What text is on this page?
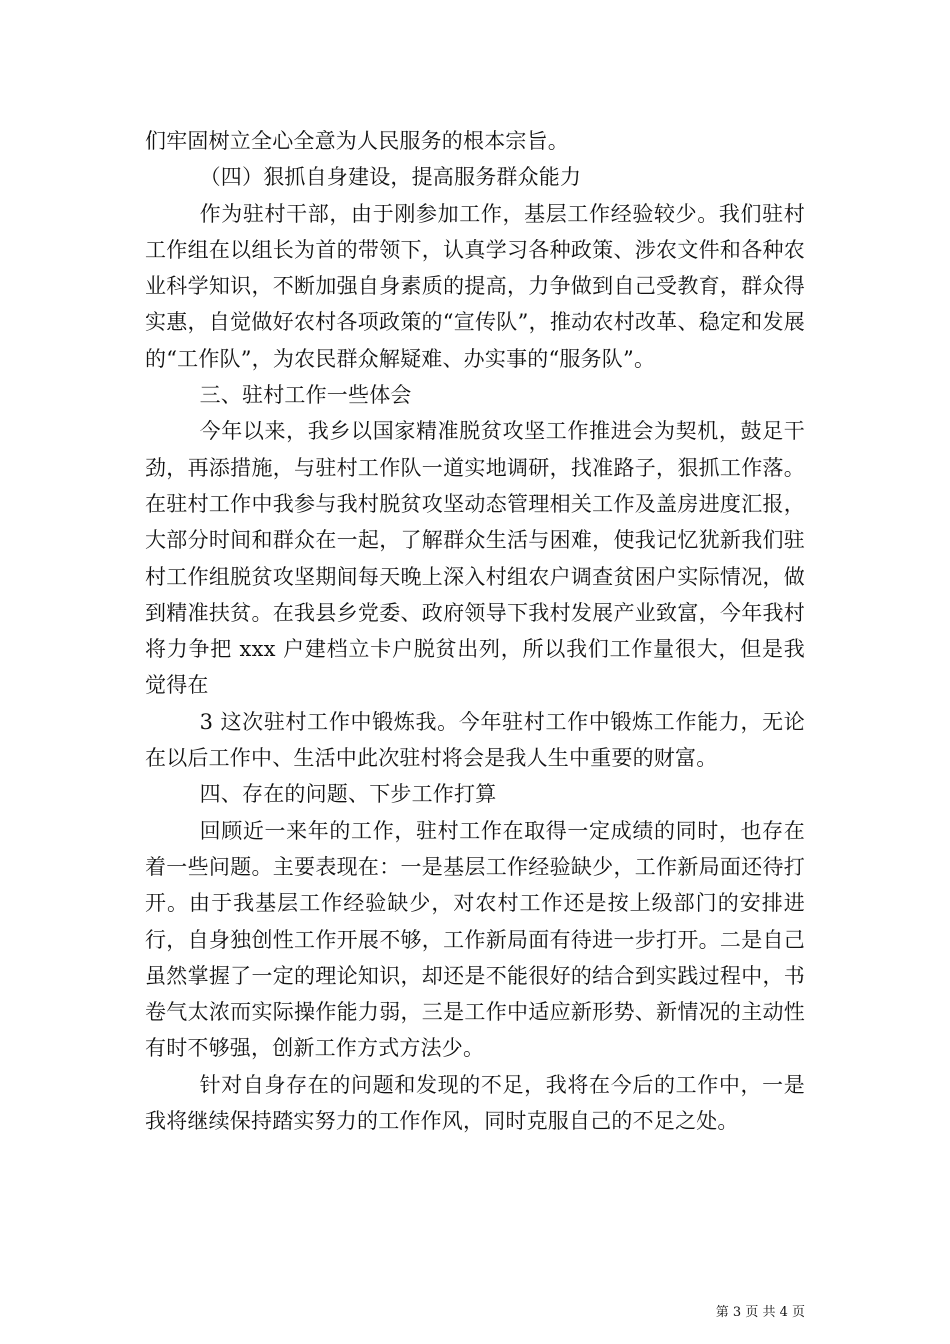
们牢固树立全心全意为人民服务的根本宗旨。

（四）狠抓自身建设，提高服务群众能力

作为驻村干部，由于刚参加工作，基层工作经验较少。我们驻村工作组在以组长为首的带领下，认真学习各种政策、涉农文件和各种农业科学知识，不断加强自身素质的提高，力争做到自己受教育，群众得实惠，自觉做好农村各项政策的“宣传队”，推动农村改革、稳定和发展的“工作队”，为农民群众解疑难、办实事的“服务队”。

三、驻村工作一些体会

今年以来，我乡以国家精准脱贫攻坚工作推进会为契机，鼓足干劲，再添措施，与驻村工作队一道实地调研，找准路子，狠抓工作落。在驻村工作中我参与我村脱贫攻坚动态管理相关工作及盖房进度汇报，大部分时间和群众在一起，了解群众生活与困难，使我记忆犹新我们驻村工作组脱贫攻坚期间每天晚上深入村组农户调查贫困户实际情况，做到精准扶贫。在我县乡党委、政府领导下我村发展产业致富，今年我村将力争把 xxx 户建档立卡户脱贫出列，所以我们工作量很大，但是我觉得在

3 这次驻村工作中锻炼我。今年驻村工作中锻炼工作能力，无论在以后工作中、生活中此次驻村将会是我人生中重要的财富。

四、存在的问题、下步工作打算

回顾近一来年的工作，驻村工作在取得一定成绩的同时，也存在着一些问题。主要表现在：一是基层工作经验缺少，工作新局面还待打开。由于我基层工作经验缺少，对农村工作还是按上级部门的安排进行，自身独创性工作开展不够，工作新局面有待进一步打开。二是自己虽然掌握了一定的理论知识，却还是不能很好的结合到实践过程中，书卷气太浓而实际操作能力弱，三是工作中适应新形势、新情况的主动性有时不够强，创新工作方式方法少。

针对自身存在的问题和发现的不足，我将在今后的工作中，一是我将继续保持踏实努力的工作作风，同时克服自己的不足之处。

第 3 页 共 4 页
